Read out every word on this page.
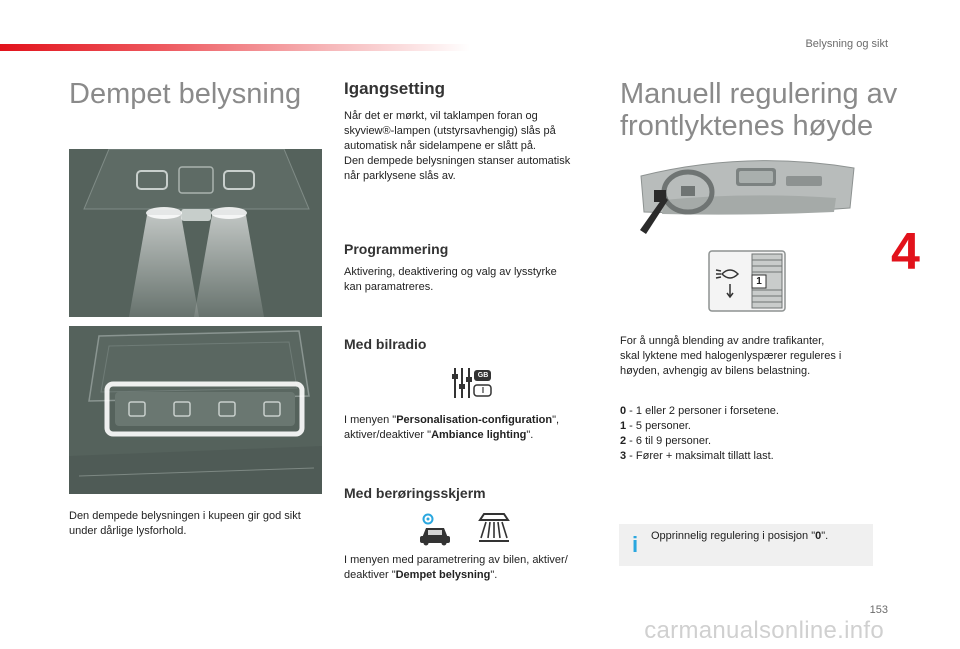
Belysning og sikt
4
Dempet belysning

Den dempede belysningen i kupeen gir god sikt under dårlige lysforhold.

Igangsetting

Når det er mørkt, vil taklampen foran og
skyview®-lampen (utstyrsavhengig) slås på
automatisk når sidelampene er slått på.
Den dempede belysningen stanser automatisk
når parklysene slås av.

Programmering

Aktivering, deaktivering og valg av lysstyrke
kan paramatreres.

Med bilradio
GB
I

I menyen "Personalisation-configuration",
aktiver/deaktiver "Ambiance lighting".

Med berøringsskjerm

I menyen med parametrering av bilen, aktiver/
deaktiver "Dempet belysning".

Manuell regulering av
frontlyktenes høyde
1

For å unngå blending av andre trafikanter,
skal lyktene med halogenlyspærer reguleres i
høyden, avhengig av bilens belastning.

0 - 1 eller 2 personer i forsetene.
1 - 5 personer.
2 - 6 til 9 personer.
3 - Fører + maksimalt tillatt last.

i Opprinnelig regulering i posisjon "0".
153
carmanualsonline.info
